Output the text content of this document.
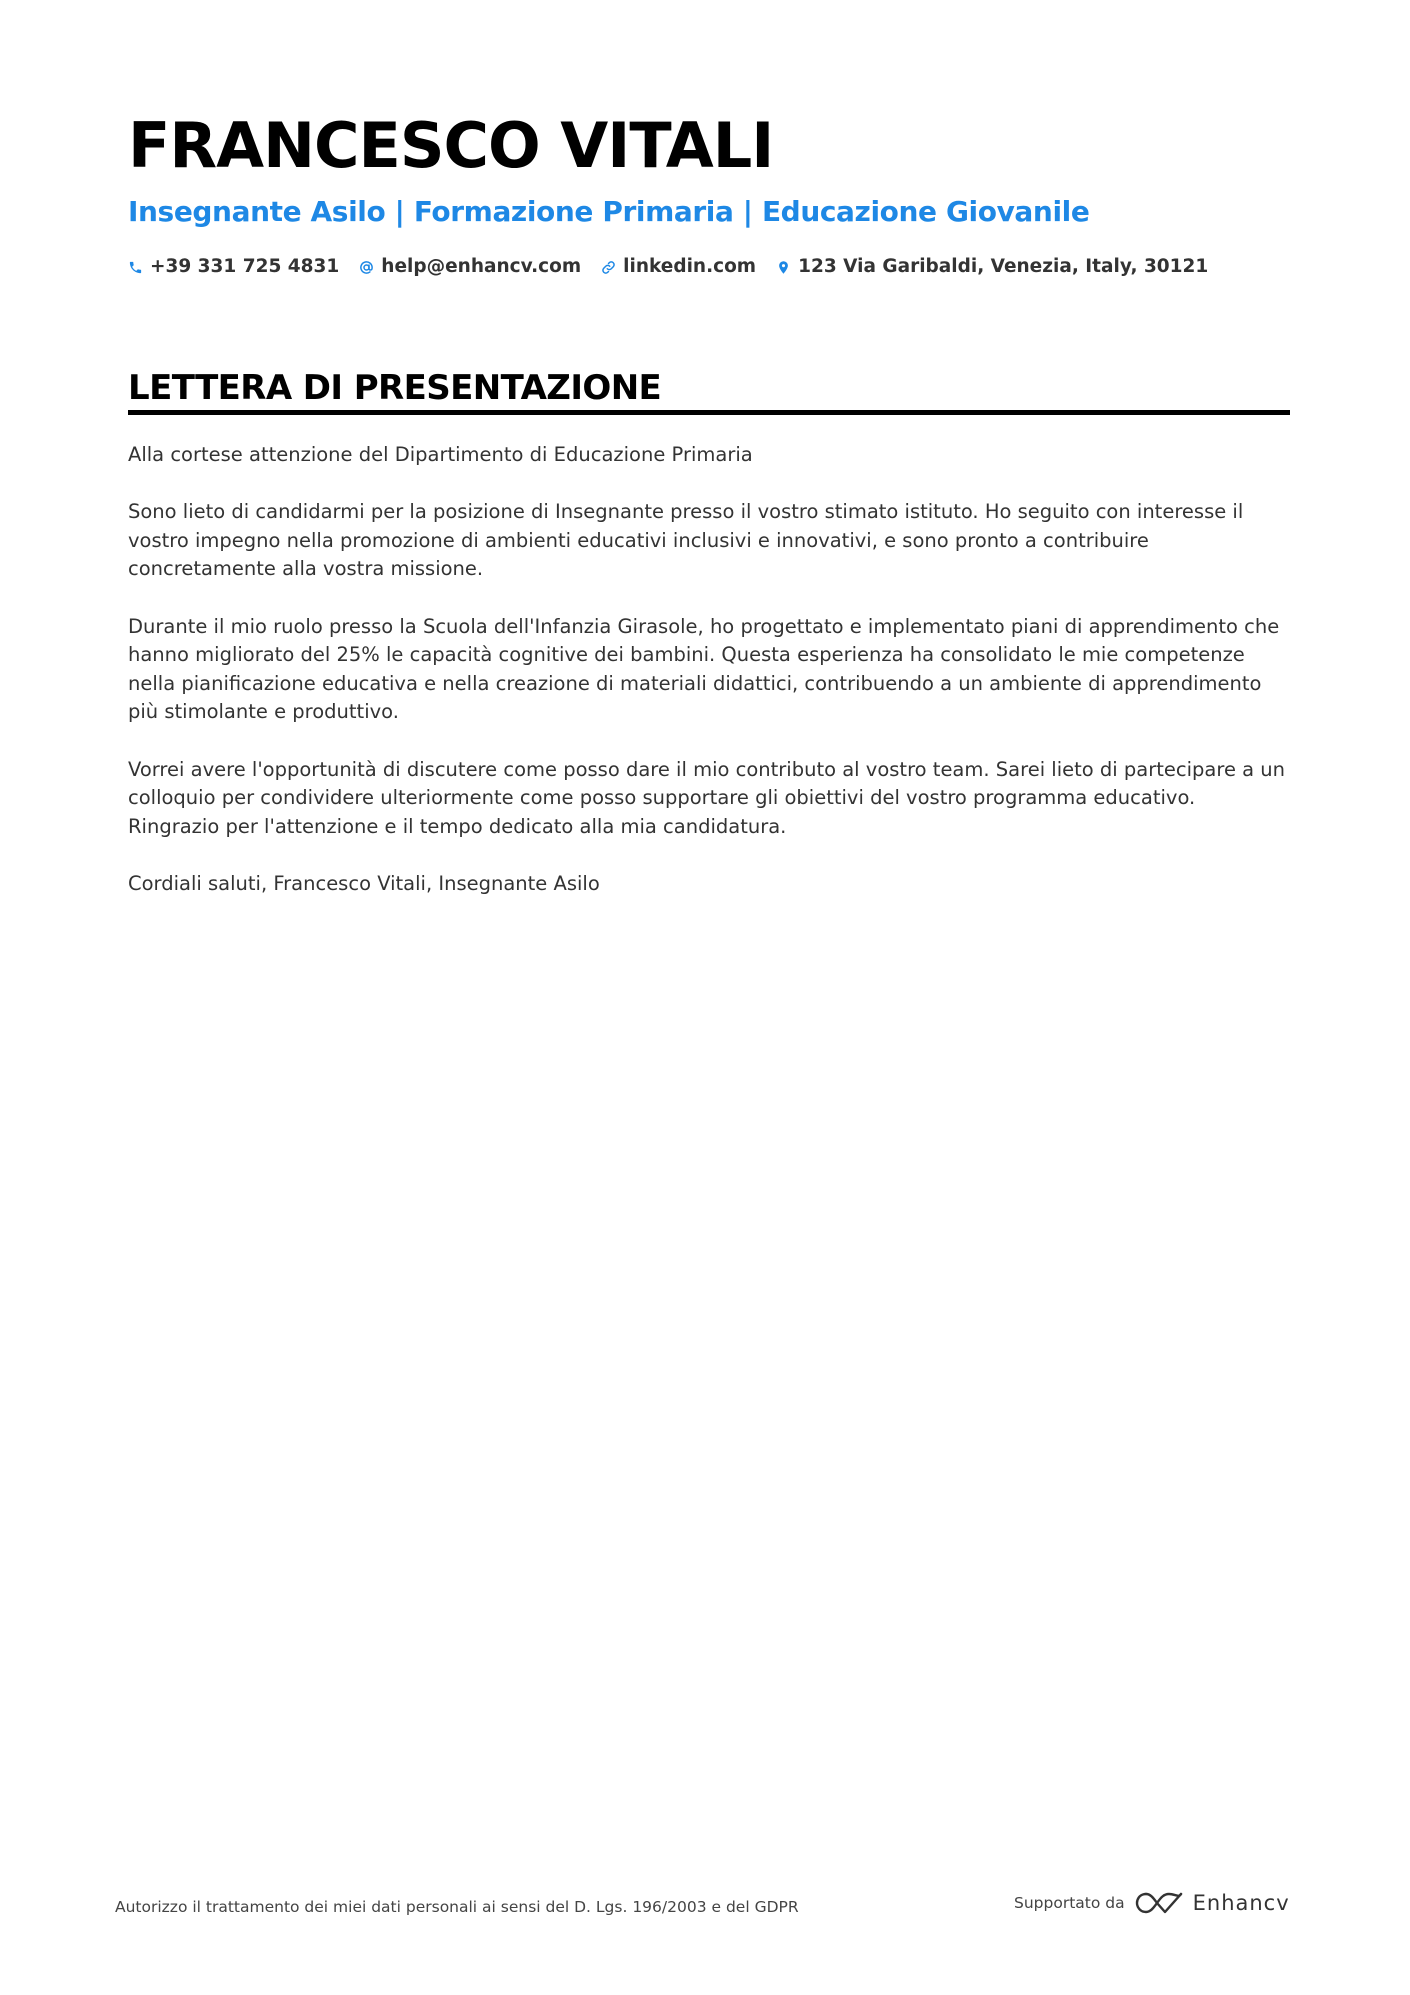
FRANCESCO VITALI
Insegnante Asilo | Formazione Primaria | Educazione Giovanile
+39 331 725 4831 help@enhancv.com linkedin.com 123 Via Garibaldi, Venezia, Italy, 30121
LETTERA DI PRESENTAZIONE

Alla cortese attenzione del Dipartimento di Educazione Primaria

Sono lieto di candidarmi per la posizione di Insegnante presso il vostro stimato istituto. Ho seguito con interesse il vostro impegno nella promozione di ambienti educativi inclusivi e innovativi, e sono pronto a contribuire concretamente alla vostra missione.

Durante il mio ruolo presso la Scuola dell'Infanzia Girasole, ho progettato e implementato piani di apprendimento che hanno migliorato del 25% le capacità cognitive dei bambini. Questa esperienza ha consolidato le mie competenze nella pianificazione educativa e nella creazione di materiali didattici, contribuendo a un ambiente di apprendimento più stimolante e produttivo.

Vorrei avere l'opportunità di discutere come posso dare il mio contributo al vostro team. Sarei lieto di partecipare a un colloquio per condividere ulteriormente come posso supportare gli obiettivi del vostro programma educativo. Ringrazio per l'attenzione e il tempo dedicato alla mia candidatura.

Cordiali saluti, Francesco Vitali, Insegnante Asilo

Autorizzo il trattamento dei miei dati personali ai sensi del D. Lgs. 196/2003 e del GDPR	Supportato da	Enhancv
